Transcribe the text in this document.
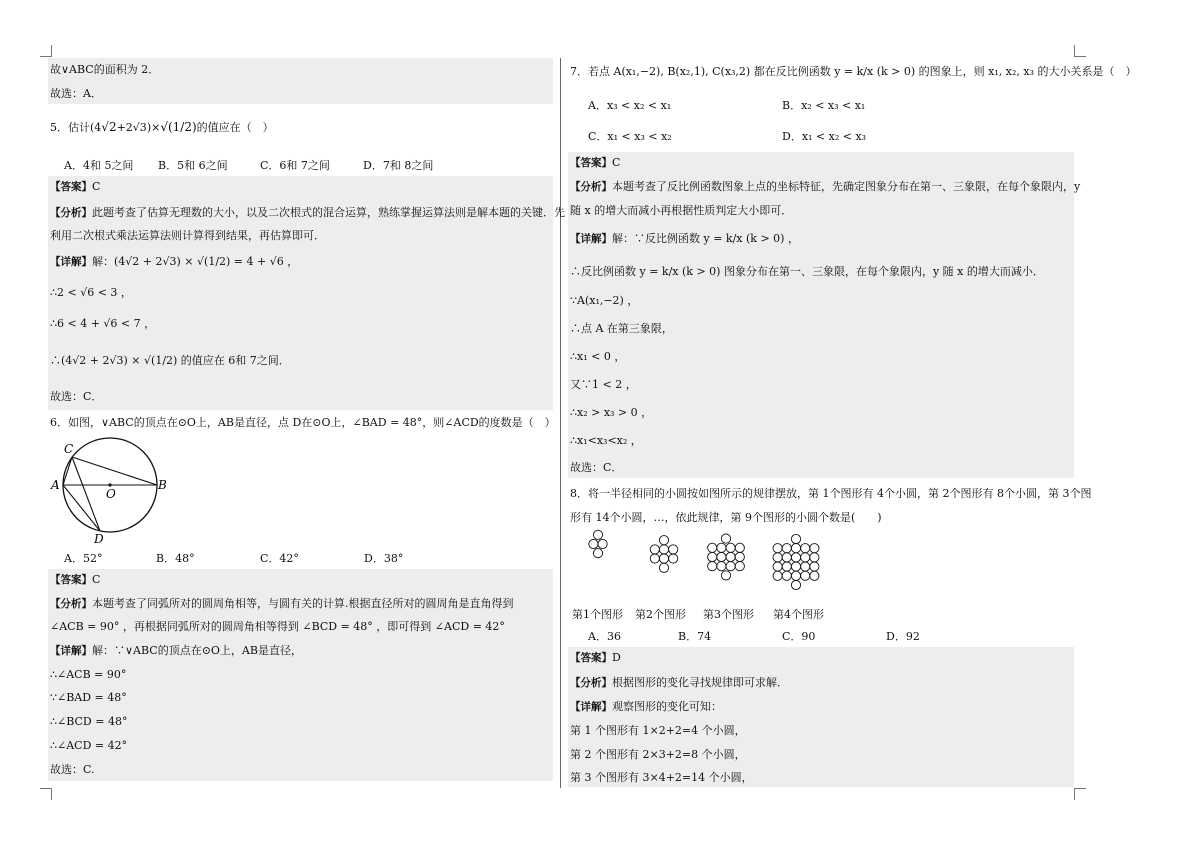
故∨ABC的面积为 2．
故选：A．
5．估计(4√2+2√3)×√(1/2)的值应在（　）
A．4和 5之间 B．5和 6之间	C．6和 7之间	D．7和 8之间
【答案】C
【分析】此题考查了估算无理数的大小，以及二次根式的混合运算，熟练掌握运算法则是解本题的关键．先
利用二次根式乘法运算法则计算得到结果，再估算即可．
【详解】解：(4√2 + 2√3) × √(1/2) = 4 + √6 ，
∴2 < √6 < 3 ，
∴6 < 4 + √6 < 7 ，
∴(4√2 + 2√3) × √(1/2) 的值应在 6和 7之间．
故选：C．
6．如图，∨ABC的顶点在⊙O上，AB是直径，点 D在⊙O上，∠BAD = 48°，则∠ACD的度数是（　）
C
A	B
O
D
A．52°	B．48°	C．42°	D．38°
【答案】C
【分析】本题考查了同弧所对的圆周角相等，与圆有关的计算.根据直径所对的圆周角是直角得到
∠ACB = 90° ，再根据同弧所对的圆周角相等得到 ∠BCD = 48° ，即可得到 ∠ACD = 42°
【详解】解：∵∨ABC的顶点在⊙O上，AB是直径，
∴∠ACB = 90°
∵∠BAD = 48°
∴∠BCD = 48°
∴∠ACD = 42°
故选：C.
7．若点 A(x₁,−2), B(x₂,1), C(x₃,2) 都在反比例函数 y = k/x (k > 0) 的图象上，则 x₁, x₂, x₃ 的大小关系是（　）
A．x₃ < x₂ < x₁	B．x₂ < x₃ < x₁
C．x₁ < x₃ < x₂	D．x₁ < x₂ < x₃
【答案】C
【分析】本题考查了反比例函数图象上点的坐标特征，先确定图象分布在第一、三象限，在每个象限内，y
随 x 的增大而减小再根据性质判定大小即可．
【详解】解：∵反比例函数 y = k/x (k > 0) ，
∴反比例函数 y = k/x (k > 0) 图象分布在第一、三象限，在每个象限内，y 随 x 的增大而减小．
∵A(x₁,−2) ，
∴点 A 在第三象限，
∴x₁ < 0 ，
又∵1 < 2 ，
∴x₂ > x₃ > 0 ，
∴x₁<x₃<x₂ ，
故选：C．
8．将一半径相同的小圆按如图所示的规律摆放，第 1个图形有 4个小圆，第 2个图形有 8个小圆，第 3个图
形有 14个小圆，…，依此规律，第 9个图形的小圆个数是(　　)
第1个图形 第2个图形 第3个图形 第4个图形
A．36	B．74	C．90	D．92
【答案】D
【分析】根据图形的变化寻找规律即可求解．
【详解】观察图形的变化可知：
第 1 个图形有 1×2+2=4 个小圆，
第 2 个图形有 2×3+2=8 个小圆，
第 3 个图形有 3×4+2=14 个小圆，
